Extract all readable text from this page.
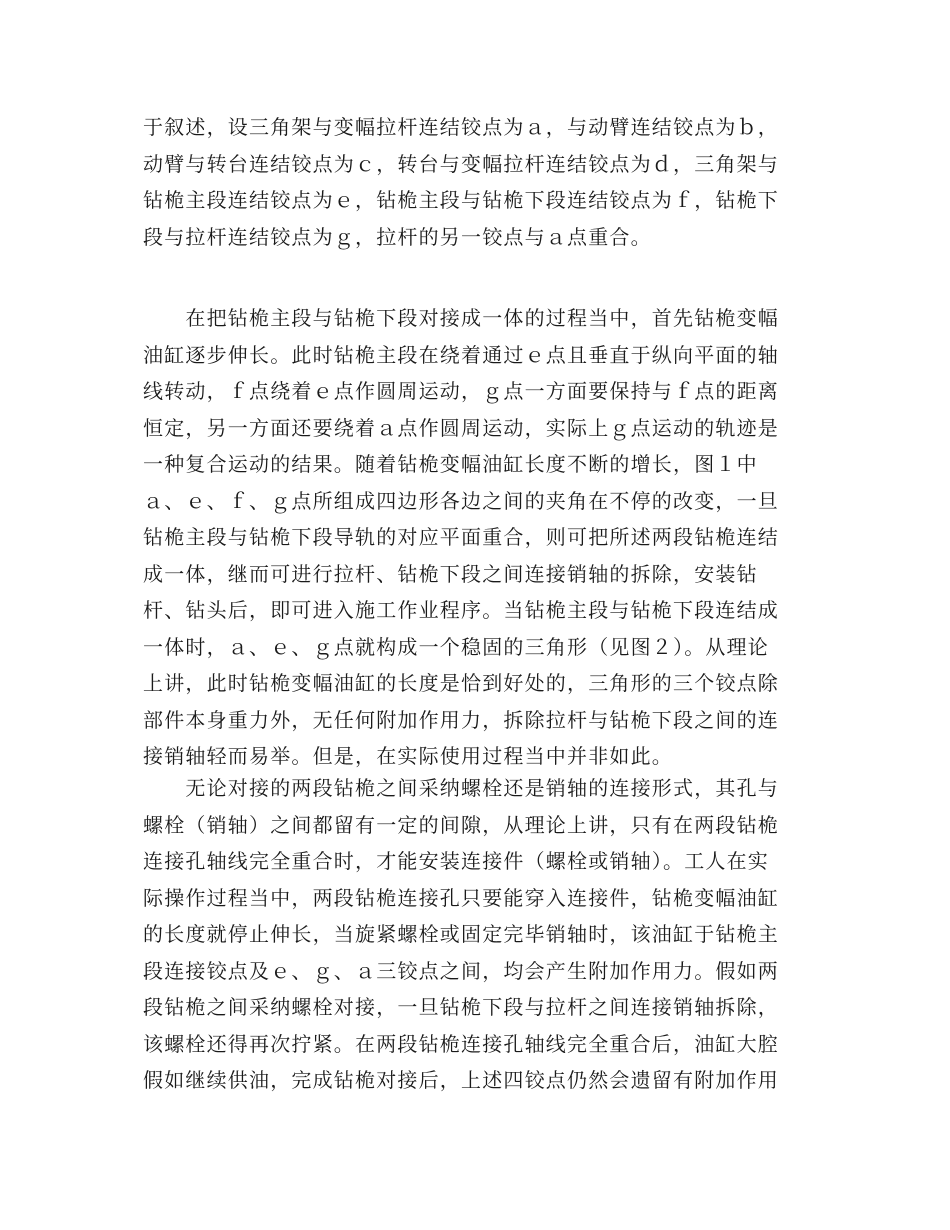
于叙述，设三角架与变幅拉杆连结铰点为ａ，与动臂连结铰点为ｂ，
动臂与转台连结铰点为ｃ，转台与变幅拉杆连结铰点为ｄ，三角架与
钻桅主段连结铰点为ｅ，钻桅主段与钻桅下段连结铰点为ｆ，钻桅下
段与拉杆连结铰点为ｇ，拉杆的另一铰点与ａ点重合。
　　在把钻桅主段与钻桅下段对接成一体的过程当中，首先钻桅变幅
油缸逐步伸长。此时钻桅主段在绕着通过ｅ点且垂直于纵向平面的轴
线转动，ｆ点绕着ｅ点作圆周运动，ｇ点一方面要保持与ｆ点的距离
恒定，另一方面还要绕着ａ点作圆周运动，实际上ｇ点运动的轨迹是
一种复合运动的结果。随着钻桅变幅油缸长度不断的增长，图１中
ａ、ｅ、ｆ、ｇ点所组成四边形各边之间的夹角在不停的改变，一旦
钻桅主段与钻桅下段导轨的对应平面重合，则可把所述两段钻桅连结
成一体，继而可进行拉杆、钻桅下段之间连接销轴的拆除，安装钻
杆、钻头后，即可进入施工作业程序。当钻桅主段与钻桅下段连结成
一体时，ａ、ｅ、ｇ点就构成一个稳固的三角形（见图２）。从理论
上讲，此时钻桅变幅油缸的长度是恰到好处的，三角形的三个铰点除
部件本身重力外，无任何附加作用力，拆除拉杆与钻桅下段之间的连
接销轴轻而易举。但是，在实际使用过程当中并非如此。
　　无论对接的两段钻桅之间采纳螺栓还是销轴的连接形式，其孔与
螺栓（销轴）之间都留有一定的间隙，从理论上讲，只有在两段钻桅
连接孔轴线完全重合时，才能安装连接件（螺栓或销轴）。工人在实
际操作过程当中，两段钻桅连接孔只要能穿入连接件，钻桅变幅油缸
的长度就停止伸长，当旋紧螺栓或固定完毕销轴时，该油缸于钻桅主
段连接铰点及ｅ、ｇ、ａ三铰点之间，均会产生附加作用力。假如两
段钻桅之间采纳螺栓对接，一旦钻桅下段与拉杆之间连接销轴拆除，
该螺栓还得再次拧紧。在两段钻桅连接孔轴线完全重合后，油缸大腔
假如继续供油，完成钻桅对接后，上述四铰点仍然会遗留有附加作用
